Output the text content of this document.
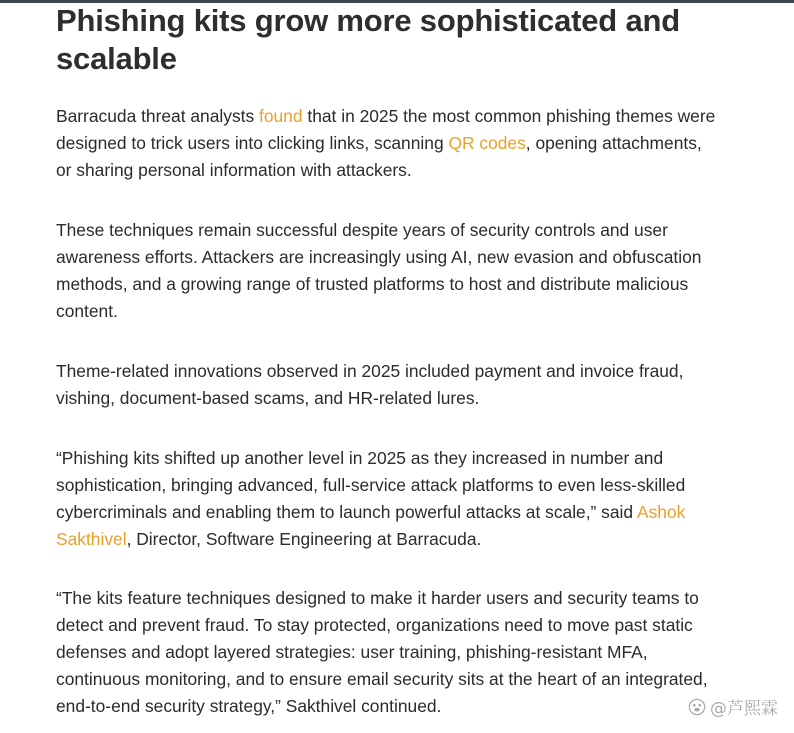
Phishing kits grow more sophisticated and scalable

Barracuda threat analysts found that in 2025 the most common phishing themes were designed to trick users into clicking links, scanning QR codes, opening attachments, or sharing personal information with attackers.

These techniques remain successful despite years of security controls and user awareness efforts. Attackers are increasingly using AI, new evasion and obfuscation methods, and a growing range of trusted platforms to host and distribute malicious content.

Theme-related innovations observed in 2025 included payment and invoice fraud, vishing, document-based scams, and HR-related lures.

“Phishing kits shifted up another level in 2025 as they increased in number and sophistication, bringing advanced, full-service attack platforms to even less-skilled cybercriminals and enabling them to launch powerful attacks at scale,” said Ashok Sakthivel, Director, Software Engineering at Barracuda.

“The kits feature techniques designed to make it harder users and security teams to detect and prevent fraud. To stay protected, organizations need to move past static defenses and adopt layered strategies: user training, phishing-resistant MFA, continuous monitoring, and to ensure email security sits at the heart of an integrated, end-to-end security strategy,” Sakthivel continued.	@芦熙霖
